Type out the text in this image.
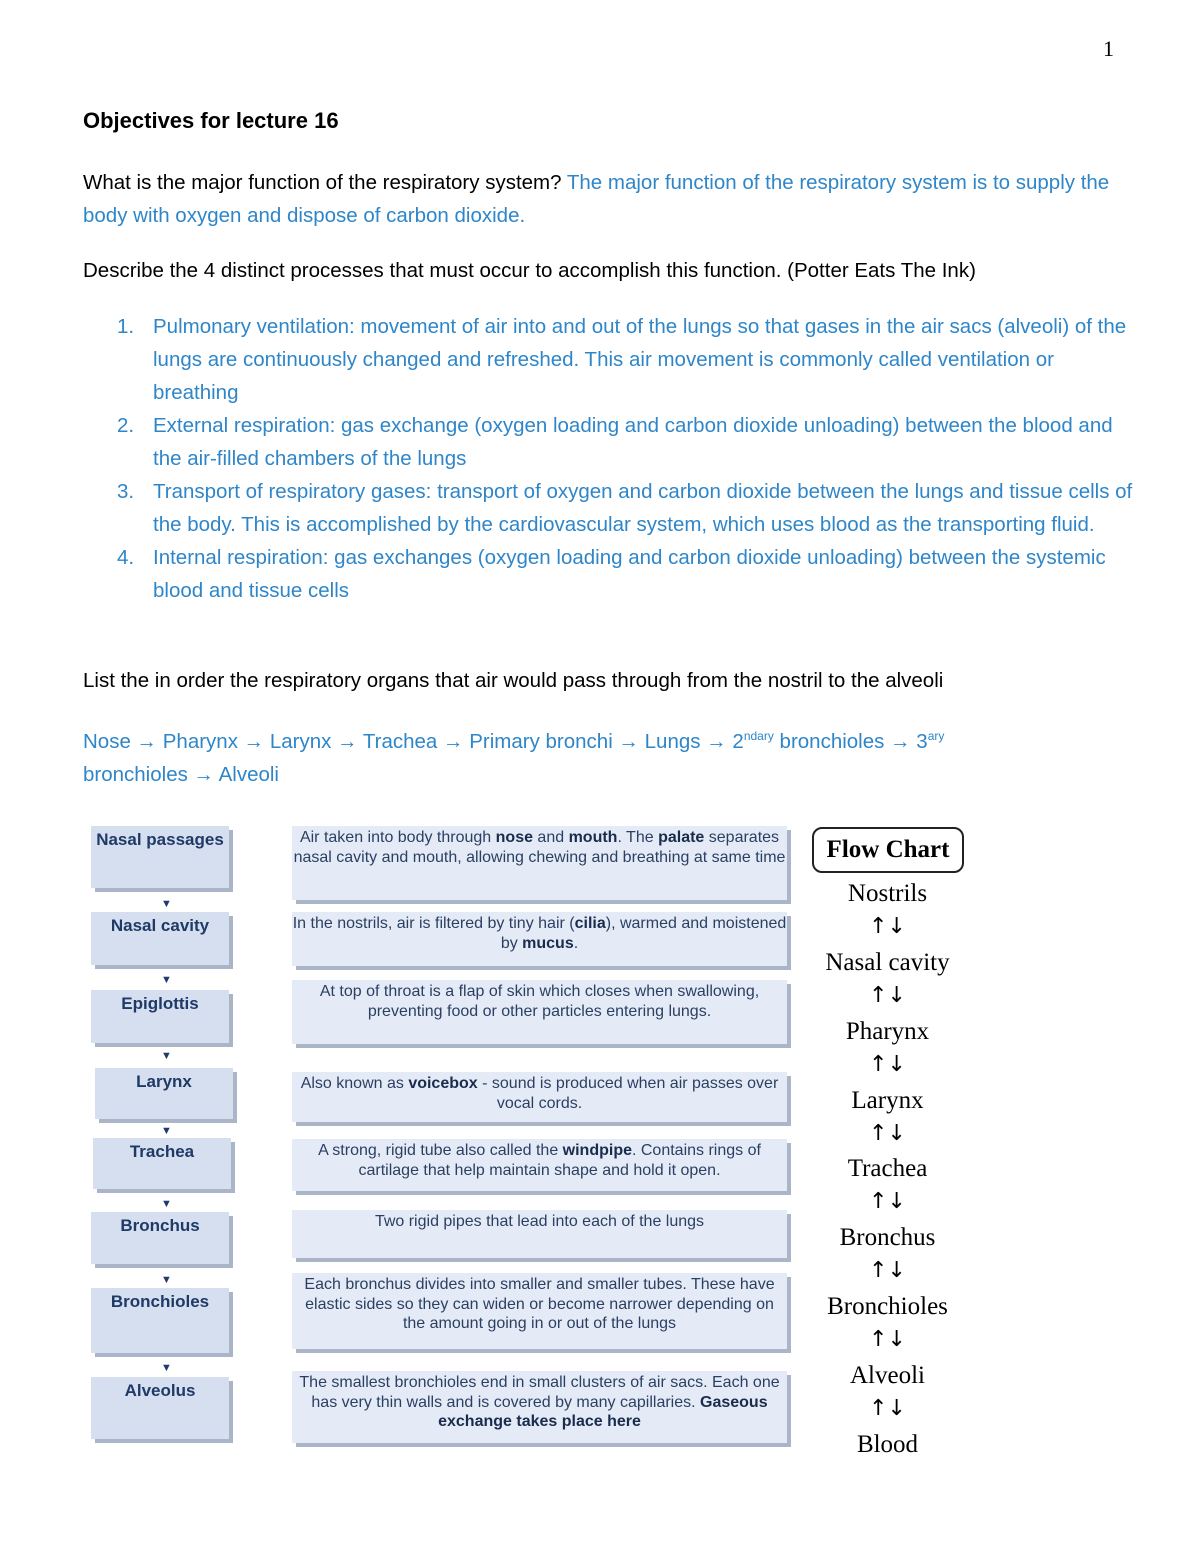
1
Objectives for lecture 16
What is the major function of the respiratory system? The major function of the respiratory system is to supply the body with oxygen and dispose of carbon dioxide.
Describe the 4 distinct processes that must occur to accomplish this function. (Potter Eats The Ink)
1. Pulmonary ventilation: movement of air into and out of the lungs so that gases in the air sacs (alveoli) of the lungs are continuously changed and refreshed. This air movement is commonly called ventilation or breathing
2. External respiration: gas exchange (oxygen loading and carbon dioxide unloading) between the blood and the air-filled chambers of the lungs
3. Transport of respiratory gases: transport of oxygen and carbon dioxide between the lungs and tissue cells of the body. This is accomplished by the cardiovascular system, which uses blood as the transporting fluid.
4. Internal respiration: gas exchanges (oxygen loading and carbon dioxide unloading) between the systemic blood and tissue cells
List the in order the respiratory organs that air would pass through from the nostril to the alveoli
Nose → Pharynx → Larynx → Trachea → Primary bronchi → Lungs → $2^{ndary}$ bronchioles → $3^{ary}$
bronchioles → Alveoli
Nasal passages
▼
Nasal cavity
▼
Epiglottis
▼
Larynx
▼
Trachea
▼
Bronchus
▼
Bronchioles
▼
Alveolus
Air taken into body through nose and mouth. The palate separates nasal cavity and mouth, allowing chewing and breathing at same time
In the nostrils, air is filtered by tiny hair (cilia), warmed and moistened by mucus.
At top of throat is a flap of skin which closes when swallowing, preventing food or other particles entering lungs.
Also known as voicebox - sound is produced when air passes over vocal cords.
A strong, rigid tube also called the windpipe. Contains rings of cartilage that help maintain shape and hold it open.
Two rigid pipes that lead into each of the lungs
Each bronchus divides into smaller and smaller tubes. These have elastic sides so they can widen or become narrower depending on the amount going in or out of the lungs
The smallest bronchioles end in small clusters of air sacs. Each one has very thin walls and is covered by many capillaries. Gaseous exchange takes place here
Flow Chart
Nostrils
↑↓
Nasal cavity
↑↓
Pharynx
↑↓
Larynx
↑↓
Trachea
↑↓
Bronchus
↑↓
Bronchioles
↑↓
Alveoli
↑↓
Blood
